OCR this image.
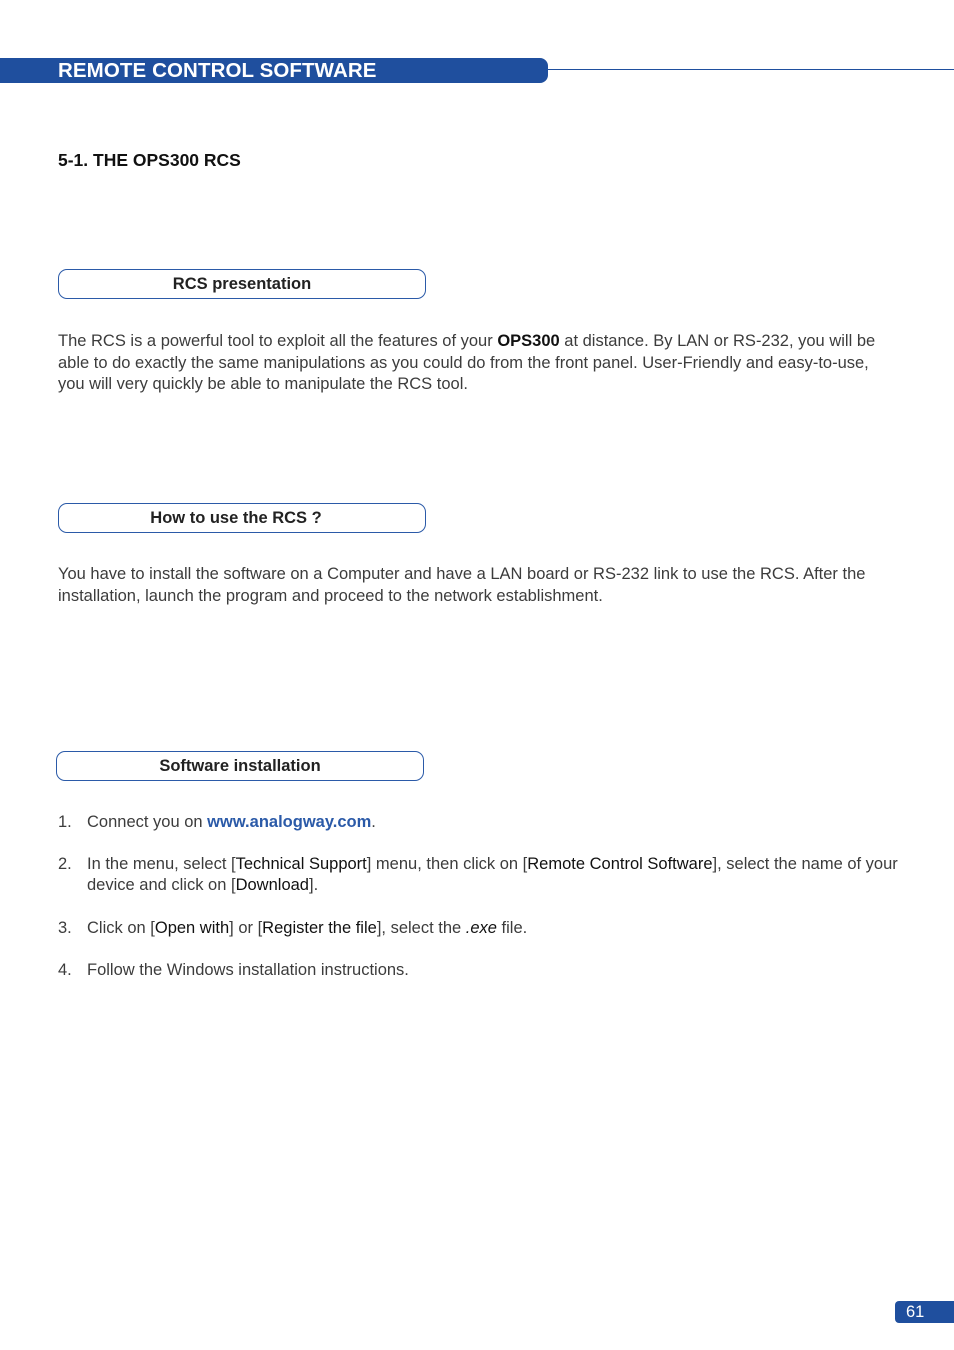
REMOTE CONTROL SOFTWARE
5-1. THE OPS300 RCS
RCS presentation
The RCS is a powerful tool to exploit all the features of your OPS300 at distance. By LAN or RS-232, you will be able to do exactly the same manipulations as you could do from the front panel. User-Friendly and easy-to-use, you will very quickly be able to manipulate the RCS tool.
How to use the RCS ?
You have to install the software on a Computer and have a LAN board or RS-232 link to use the RCS. After the installation, launch the program and proceed to the network establishment.
Software installation
1. Connect you on www.analogway.com.
2. In the menu, select [Technical Support] menu, then click on [Remote Control Software], select the name of your device and click on [Download].
3. Click on [Open with] or [Register the file], select the .exe file.
4. Follow the Windows installation instructions.
61
